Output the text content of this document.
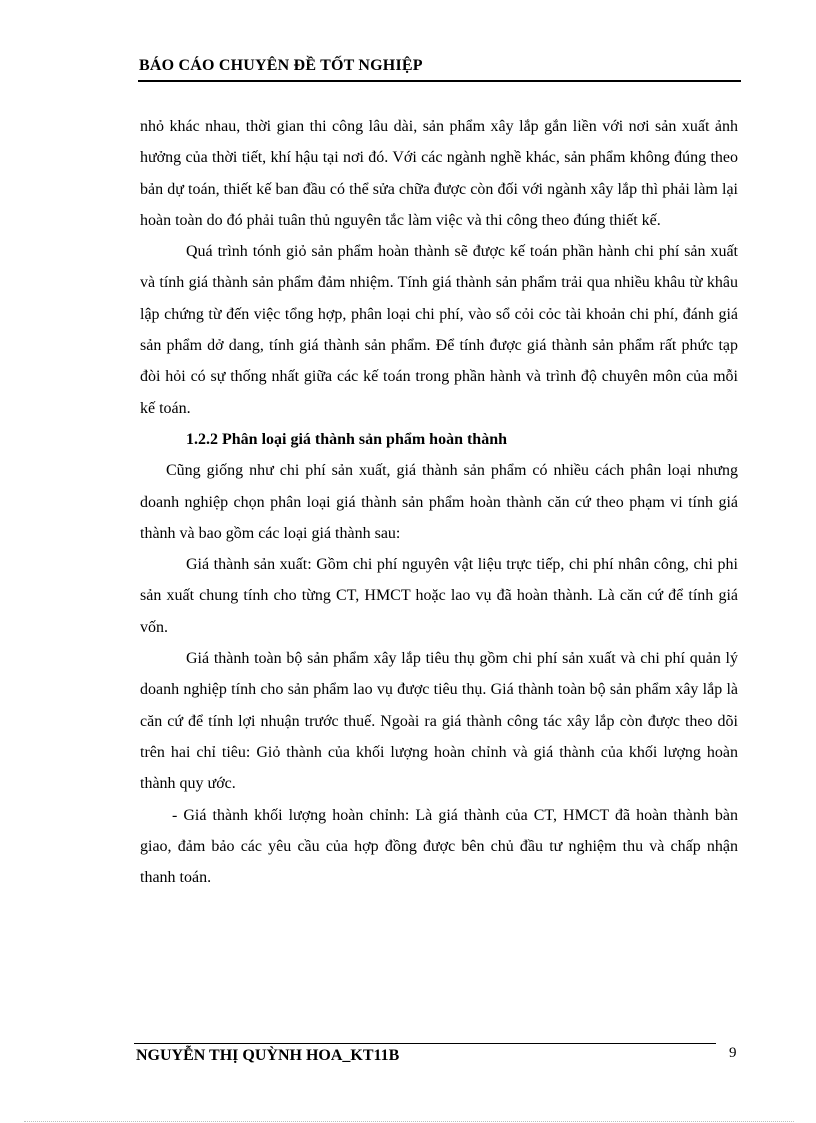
BÁO CÁO CHUYÊN ĐỀ TỐT NGHIỆP

nhỏ khác nhau, thời gian thi công lâu dài, sản phẩm xây lắp gắn liền với nơi sản xuất ảnh hưởng của thời tiết, khí hậu tại nơi đó. Với các ngành nghề khác, sản phẩm không đúng theo bản dự toán, thiết kế ban đầu có thể sửa chữa được còn đối với ngành xây lắp thì phải làm lại hoàn toàn do đó phải tuân thủ nguyên tắc làm việc và thi công theo đúng thiết kế.

Quá trình tónh giỏ sản phẩm hoàn thành sẽ được kế toán phần hành chi phí sản xuất và tính giá thành sản phẩm đảm nhiệm. Tính giá thành sản phẩm trải qua nhiều khâu từ khâu lập chứng từ đến việc tổng hợp, phân loại chi phí, vào sổ cỏi cỏc tài khoản chi phí, đánh giá sản phẩm dở dang, tính giá thành sản phẩm. Để tính được giá thành sản phẩm rất phức tạp đòi hỏi có sự thống nhất giữa các kế toán trong phần hành và trình độ chuyên môn của mỗi kế toán.

1.2.2 Phân loại giá thành sản phẩm hoàn thành

Cũng giống như chi phí sản xuất, giá thành sản phẩm có nhiều cách phân loại nhưng doanh nghiệp chọn phân loại giá thành sản phẩm hoàn thành căn cứ theo phạm vi tính giá thành và bao gồm các loại giá thành sau:

Giá thành sản xuất: Gồm chi phí nguyên vật liệu trực tiếp, chi phí nhân công, chi phi sản xuất chung tính cho từng CT, HMCT hoặc lao vụ đã hoàn thành. Là căn cứ để tính giá vốn.

Giá thành toàn bộ sản phẩm xây lắp tiêu thụ gồm chi phí sản xuất và chi phí quản lý doanh nghiệp tính cho sản phẩm lao vụ được tiêu thụ. Giá thành toàn bộ sản phẩm xây lắp là căn cứ để tính lợi nhuận trước thuế. Ngoài ra giá thành công tác xây lắp còn được theo dõi trên hai chỉ tiêu: Giỏ thành của khối lượng hoàn chỉnh và giá thành của khối lượng hoàn thành quy ước.

- Giá thành khối lượng hoàn chỉnh: Là giá thành của CT, HMCT đã hoàn thành bàn giao, đảm bảo các yêu cầu của hợp đồng được bên chủ đầu tư nghiệm thu và chấp nhận thanh toán.

NGUYỄN THỊ QUỲNH HOA_KT11B	9
